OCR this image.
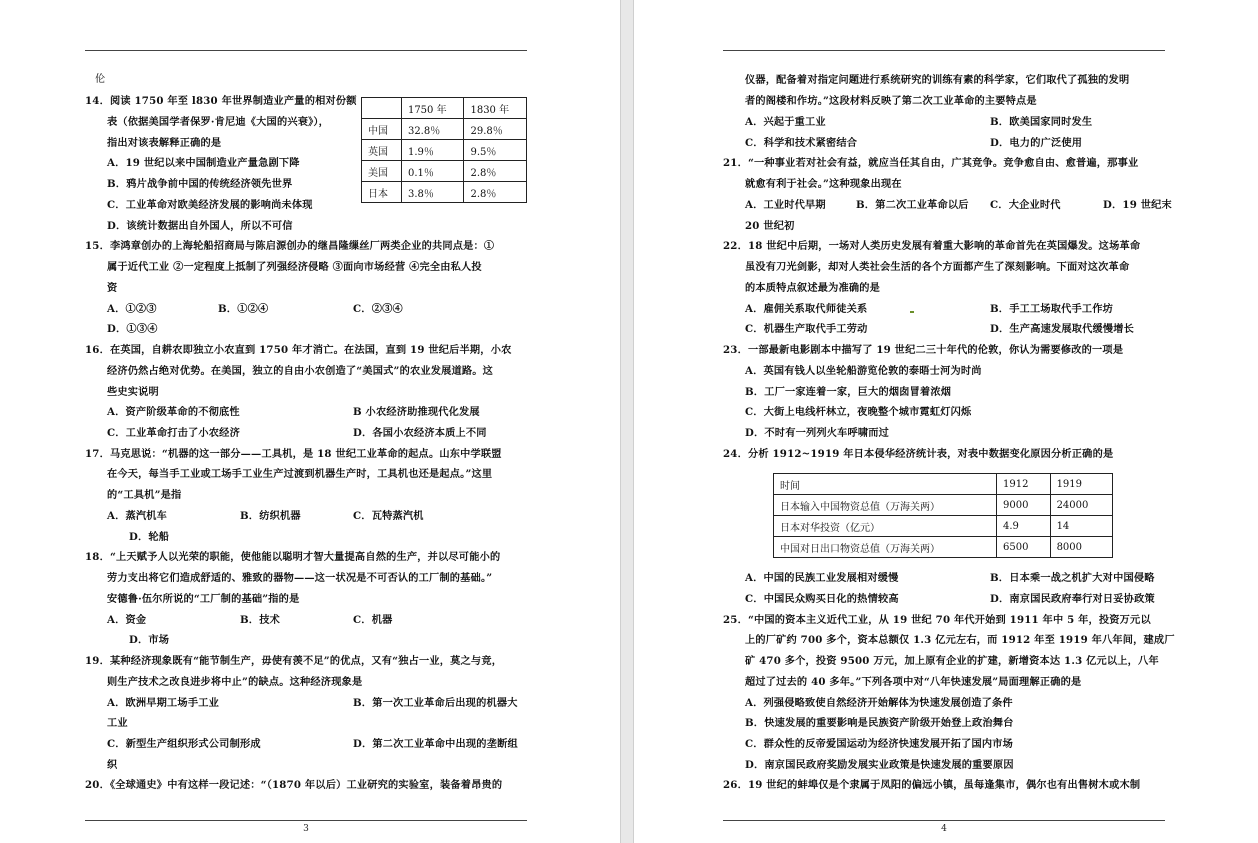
伦
14．阅读 1750 年至 l830 年世界制造业产量的相对份额
表（依据美国学者保罗·肯尼迪《大国的兴衰》），
指出对该表解释正确的是
A．19 世纪以来中国制造业产量急剧下降
B．鸦片战争前中国的传统经济领先世界
C．工业革命对欧美经济发展的影响尚未体现
D．该统计数据出自外国人，所以不可信
	1750 年	1830 年
中国	32.8％	29.8％
英国	1.9％	9.5％
美国	0.1％	2.8％
日本	3.8％	2.8％
15．李鸿章创办的上海轮船招商局与陈启源创办的继昌隆缫丝厂两类企业的共同点是：①
属于近代工业 ②一定程度上抵制了列强经济侵略 ③面向市场经营 ④完全由私人投
资
A．①②③	B．①②④	C．②③④
D．①③④
16．在英国，自耕农即独立小农直到 1750 年才消亡。在法国，直到 19 世纪后半期，小农
经济仍然占绝对优势。在美国，独立的自由小农创造了“美国式”的农业发展道路。这
些史实说明
A．资产阶级革命的不彻底性	B 小农经济助推现代化发展
C．工业革命打击了小农经济	D．各国小农经济本质上不同
17．马克思说：“机器的这一部分——工具机，是 18 世纪工业革命的起点。山东中学联盟
在今天，每当手工业或工场手工业生产过渡到机器生产时，工具机也还是起点。”这里
的“工具机”是指
A．蒸汽机车	B．纺织机器	C．瓦特蒸汽机
D．轮船
18．“上天赋予人以光荣的职能，使他能以聪明才智大量提高自然的生产，并以尽可能小的
劳力支出将它们造成舒适的、雅致的器物——这一状况是不可否认的工厂制的基础。”
安德鲁·伍尔所说的“工厂制的基础”指的是
A．资金	B．技术	C．机器
D．市场
19．某种经济现象既有“能节制生产，毋使有羡不足”的优点，又有“独占一业，莫之与竞，
则生产技术之改良进步将中止”的缺点。这种经济现象是
A．欧洲早期工场手工业	B．第一次工业革命后出现的机器大
工业
C．新型生产组织形式公司制形成	D．第二次工业革命中出现的垄断组
织
20．《全球通史》中有这样一段记述：“（1870 年以后）工业研究的实验室，装备着昂贵的
3
仪器，配备着对指定问题进行系统研究的训练有素的科学家，它们取代了孤独的发明
者的阁楼和作坊。”这段材料反映了第二次工业革命的主要特点是
A．兴起于重工业	B．欧美国家同时发生
C．科学和技术紧密结合	D．电力的广泛使用
21．“一种事业若对社会有益，就应当任其自由，广其竞争。竞争愈自由、愈普遍，那事业
就愈有利于社会。”这种现象出现在
A．工业时代早期	B．第二次工业革命以后 C．大企业时代	D．19 世纪末
20 世纪初
22．18 世纪中后期，一场对人类历史发展有着重大影响的革命首先在英国爆发。这场革命
虽没有刀光剑影，却对人类社会生活的各个方面都产生了深刻影响。下面对这次革命
的本质特点叙述最为准确的是
A．雇佣关系取代师徒关系	B．手工工场取代手工作坊
C．机器生产取代手工劳动	D．生产高速发展取代缓慢增长
23．一部最新电影剧本中描写了 19 世纪二三十年代的伦敦，你认为需要修改的一项是
A．英国有钱人以坐轮船游览伦敦的泰晤士河为时尚
B．工厂一家连着一家，巨大的烟囱冒着浓烟
C．大街上电线杆林立，夜晚整个城市霓虹灯闪烁
D．不时有一列列火车呼啸而过
24．分析 1912~1919 年日本侵华经济统计表，对表中数据变化原因分析正确的是
时间	1912	1919
日本输入中国物资总值（万海关两）	9000	24000
日本对华投资（亿元）	4.9	14
中国对日出口物资总值（万海关两）	6500	8000
A．中国的民族工业发展相对缓慢	B．日本乘一战之机扩大对中国侵略
C．中国民众购买日化的热情较高	D．南京国民政府奉行对日妥协政策
25．“中国的资本主义近代工业，从 19 世纪 70 年代开始到 1911 年中 5 年，投资万元以
上的厂矿约 700 多个，资本总额仅 1.3 亿元左右，而 1912 年至 1919 年八年间，建成厂
矿 470 多个，投资 9500 万元，加上原有企业的扩建，新增资本达 1.3 亿元以上，八年
超过了过去的 40 多年。”下列各项中对“八年快速发展”局面理解正确的是
A．列强侵略致使自然经济开始解体为快速发展创造了条件
B．快速发展的重要影响是民族资产阶级开始登上政治舞台
C．群众性的反帝爱国运动为经济快速发展开拓了国内市场
D．南京国民政府奖励发展实业政策是快速发展的重要原因
26．19 世纪的蚌埠仅是个隶属于凤阳的偏远小镇，虽每逢集市，偶尔也有出售树木或木制
4
